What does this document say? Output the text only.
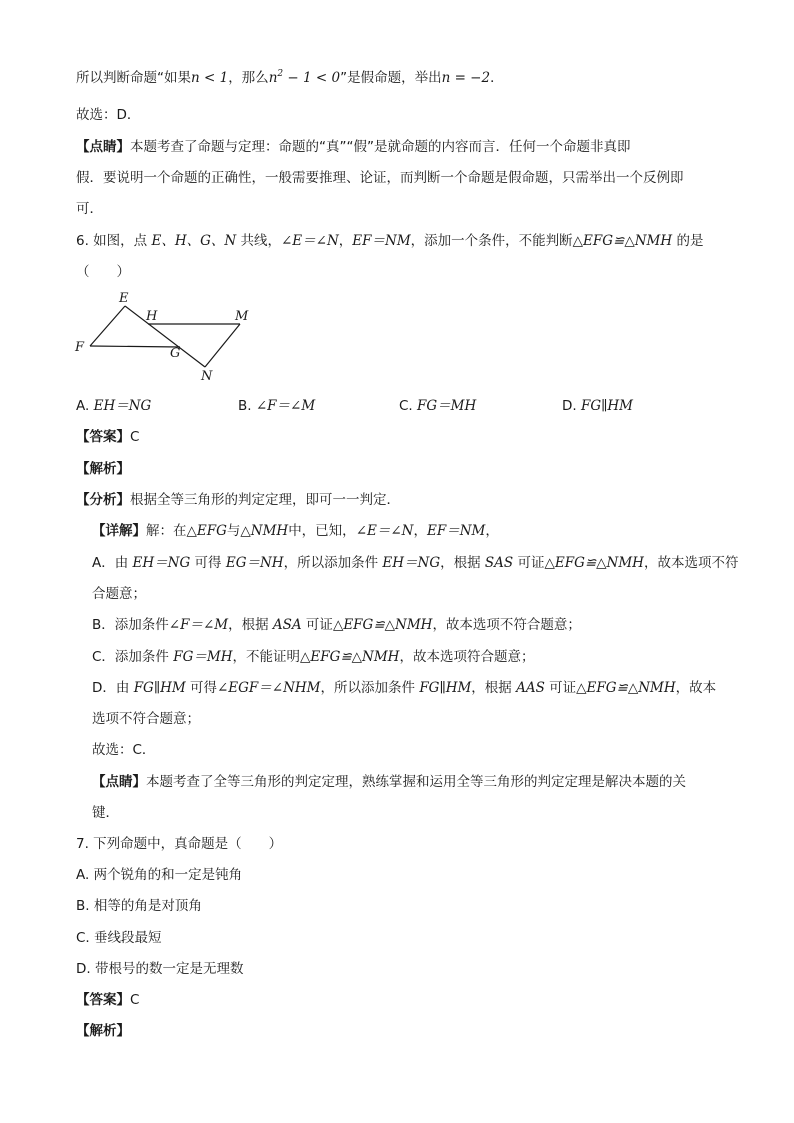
所以判断命题“如果n < 1，那么$n^2 - 1 < 0$”是假命题，举出n = −2．
故选：D．
【点睛】本题考查了命题与定理：命题的“真”“假”是就命题的内容而言．任何一个命题非真即
假．要说明一个命题的正确性，一般需要推理、论证，而判断一个命题是假命题，只需举出一个反例即
可．
6. 如图，点 E、H、G、N 共线，∠E＝∠N，EF＝NM，添加一个条件，不能判断△EFG≌△NMH 的是
（　　）
E
H	M
F	G
N
A. EH＝NG	B. ∠F＝∠M	C. FG＝MH	D. FG∥HM
【答案】C
【解析】
【分析】根据全等三角形的判定定理，即可一一判定．
【详解】解：在△EFG与△NMH中，已知，∠E＝∠N，EF＝NM，
A．由 EH＝NG 可得 EG＝NH，所以添加条件 EH＝NG，根据 SAS 可证△EFG≌△NMH，故本选项不符
合题意；
B．添加条件∠F＝∠M，根据 ASA 可证△EFG≌△NMH，故本选项不符合题意；
C．添加条件 FG＝MH，不能证明△EFG≌△NMH，故本选项符合题意；
D．由 FG∥HM 可得∠EGF＝∠NHM，所以添加条件 FG∥HM，根据 AAS 可证△EFG≌△NMH，故本
选项不符合题意；
故选：C．
【点睛】本题考查了全等三角形的判定定理，熟练掌握和运用全等三角形的判定定理是解决本题的关
键．
7. 下列命题中，真命题是（　　）
A. 两个锐角的和一定是钝角
B. 相等的角是对顶角
C. 垂线段最短
D. 带根号的数一定是无理数
【答案】C
【解析】
